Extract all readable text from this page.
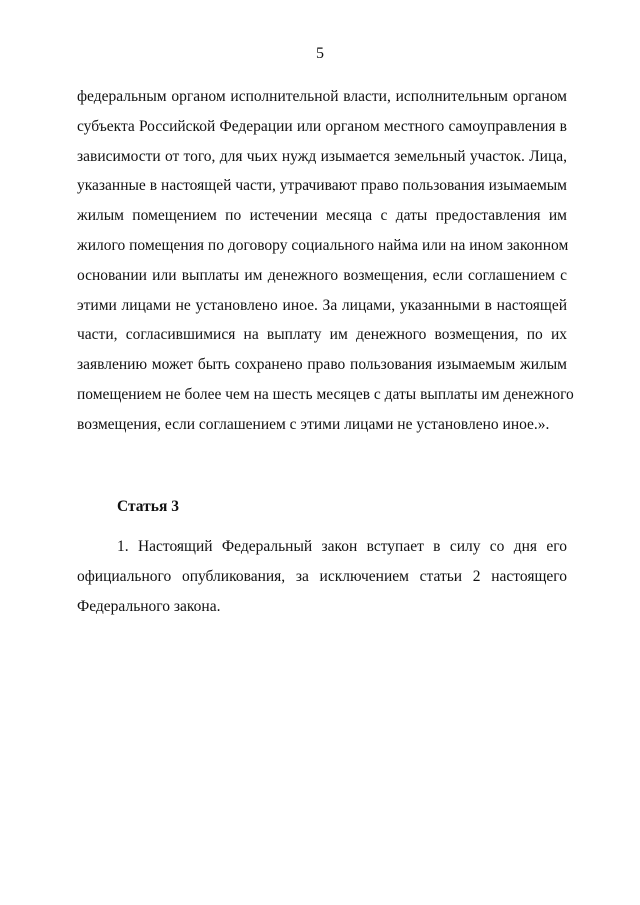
5
федеральным органом исполнительной власти, исполнительным органом
субъекта Российской Федерации или органом местного самоуправления в
зависимости от того, для чьих нужд изымается земельный участок. Лица,
указанные в настоящей части, утрачивают право пользования изымаемым
жилым помещением по истечении месяца с даты предоставления им
жилого помещения по договору социального найма или на ином законном
основании или выплаты им денежного возмещения, если соглашением с
этими лицами не установлено иное. За лицами, указанными в настоящей
части, согласившимися на выплату им денежного возмещения, по их
заявлению может быть сохранено право пользования изымаемым жилым
помещением не более чем на шесть месяцев с даты выплаты им денежного
возмещения, если соглашением с этими лицами не установлено иное.».
Статья 3
1. Настоящий Федеральный закон вступает в силу со дня его
официального опубликования, за исключением статьи 2 настоящего
Федерального закона.
